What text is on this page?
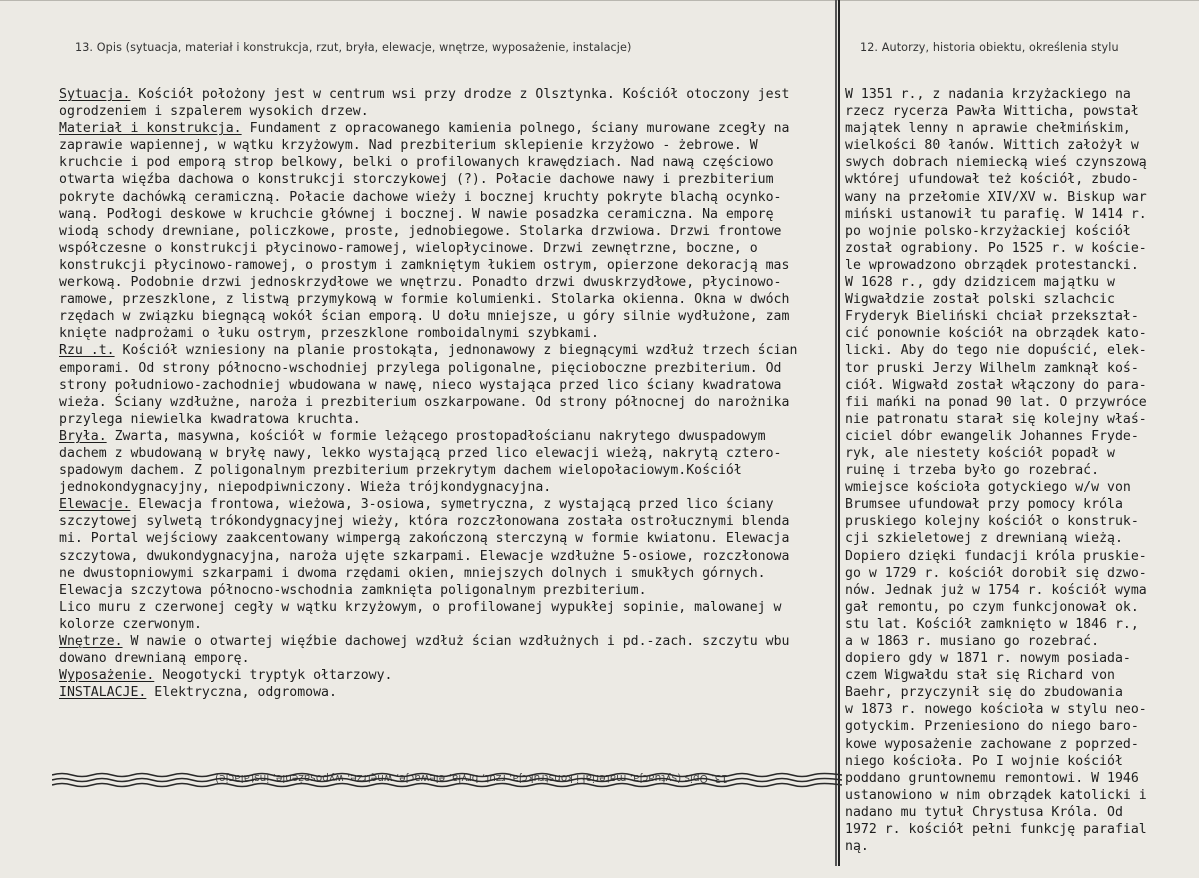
13. Opis (sytuacja, materiał i konstrukcja, rzut, bryła, elewacje, wnętrze, wyposażenie, instalacje)	12. Autorzy, historia obiektu, określenia stylu
Sytuacja. Kościół położony jest w centrum wsi przy drodze z Olsztynka. Kościół otoczony jest
ogrodzeniem i szpalerem wysokich drzew.
Materiał i konstrukcja. Fundament z opracowanego kamienia polnego, ściany murowane zcegły na
zaprawie wapiennej, w wątku krzyżowym. Nad prezbiterium sklepienie krzyżowo - żebrowe. W
kruchcie i pod emporą strop belkowy, belki o profilowanych krawędziach. Nad nawą częściowo
otwarta więźba dachowa o konstrukcji storczykowej (?). Połacie dachowe nawy i prezbiterium
pokryte dachówką ceramiczną. Połacie dachowe wieży i bocznej kruchty pokryte blachą ocynko-
waną. Podłogi deskowe w kruchcie głównej i bocznej. W nawie posadzka ceramiczna. Na emporę
wiodą schody drewniane, policzkowe, proste, jednobiegowe. Stolarka drzwiowa. Drzwi frontowe
współczesne o konstrukcji płycinowo-ramowej, wielopłycinowe. Drzwi zewnętrzne, boczne, o
konstrukcji płycinowo-ramowej, o prostym i zamkniętym łukiem ostrym, opierzone dekoracją mas
werkową. Podobnie drzwi jednoskrzydłowe we wnętrzu. Ponadto drzwi dwuskrzydłowe, płycinowo-
ramowe, przeszklone, z listwą przymykową w formie kolumienki. Stolarka okienna. Okna w dwóch
rzędach w związku biegnącą wokół ścian emporą. U dołu mniejsze, u góry silnie wydłużone, zam
knięte nadprożami o łuku ostrym, przeszklone romboidalnymi szybkami.
Rzu .t. Kościół wzniesiony na planie prostokąta, jednonawowy z biegnącymi wzdłuż trzech ścian
emporami. Od strony północno-wschodniej przylega poligonalne, pięcioboczne prezbiterium. Od
strony południowo-zachodniej wbudowana w nawę, nieco wystająca przed lico ściany kwadratowa
wieża. Ściany wzdłużne, naroża i prezbiterium oszkarpowane. Od strony północnej do narożnika
przylega niewielka kwadratowa kruchta.
Bryła. Zwarta, masywna, kościół w formie leżącego prostopadłościanu nakrytego dwuspadowym
dachem z wbudowaną w bryłę nawy, lekko wystającą przed lico elewacji wieżą, nakrytą cztero-
spadowym dachem. Z poligonalnym prezbiterium przekrytym dachem wielopołaciowym.Kościół
jednokondygnacyjny, niepodpiwniczony. Wieża trójkondygnacyjna.
Elewacje. Elewacja frontowa, wieżowa, 3-osiowa, symetryczna, z wystającą przed lico ściany
szczytowej sylwetą trókondygnacyjnej wieży, która rozczłonowana została ostrołucznymi blenda
mi. Portal wejściowy zaakcentowany wimpergą zakończoną sterczyną w formie kwiatonu. Elewacja
szczytowa, dwukondygnacyjna, naroża ujęte szkarpami. Elewacje wzdłużne 5-osiowe, rozczłonowa
ne dwustopniowymi szkarpami i dwoma rzędami okien, mniejszych dolnych i smukłych górnych.
Elewacja szczytowa północno-wschodnia zamknięta poligonalnym prezbiterium.
Lico muru z czerwonej cegły w wątku krzyżowym, o profilowanej wypukłej sopinie, malowanej w
kolorze czerwonym.
Wnętrze. W nawie o otwartej więźbie dachowej wzdłuż ścian wzdłużnych i pd.-zach. szczytu wbu
dowano drewnianą emporę.
Wyposażenie. Neogotycki tryptyk ołtarzowy.
INSTALACJE. Elektryczna, odgromowa.
13. Opis (sytuacja, materiał i konstrukcja, rzut, bryła, elewacje, wnętrze, wyposażenie, instalacje)
W 1351 r., z nadania krzyżackiego na
rzecz rycerza Pawła Witticha, powstał
majątek lenny n aprawie chełmińskim,
wielkości 80 łanów. Wittich założył w
swych dobrach niemiecką wieś czynszową
wktórej ufundował też kościół, zbudo-
wany na przełomie XIV/XV w. Biskup war
miński ustanowił tu parafię. W 1414 r.
po wojnie polsko-krzyżackiej kościół
został ograbiony. Po 1525 r. w koście-
le wprowadzono obrządek protestancki.
W 1628 r., gdy dzidzicem majątku w
Wigwałdzie został polski szlachcic
Fryderyk Bieliński chciał przekształ-
cić ponownie kościół na obrządek kato-
licki. Aby do tego nie dopuścić, elek-
tor pruski Jerzy Wilhelm zamknął koś-
ciół. Wigwałd został włączony do para-
fii mańki na ponad 90 lat. O przywróce
nie patronatu starał się kolejny właś-
ciciel dóbr ewangelik Johannes Fryde-
ryk, ale niestety kościół popadł w
ruinę i trzeba było go rozebrać.
wmiejsce kościoła gotyckiego w/w von
Brumsee ufundował przy pomocy króla
pruskiego kolejny kościół o konstruk-
cji szkieletowej z drewnianą wieżą.
Dopiero dzięki fundacji króla pruskie-
go w 1729 r. kościół dorobił się dzwo-
nów. Jednak już w 1754 r. kościół wyma
gał remontu, po czym funkcjonował ok.
stu lat. Kościół zamknięto w 1846 r.,
a w 1863 r. musiano go rozebrać.
dopiero gdy w 1871 r. nowym posiada-
czem Wigwałdu stał się Richard von
Baehr, przyczynił się do zbudowania
w 1873 r. nowego kościoła w stylu neo-
gotyckim. Przeniesiono do niego baro-
kowe wyposażenie zachowane z poprzed-
niego kościoła. Po I wojnie kościół
poddano gruntownemu remontowi. W 1946
ustanowiono w nim obrządek katolicki i
nadano mu tytuł Chrystusa Króla. Od
1972 r. kościół pełni funkcję parafial
ną.
